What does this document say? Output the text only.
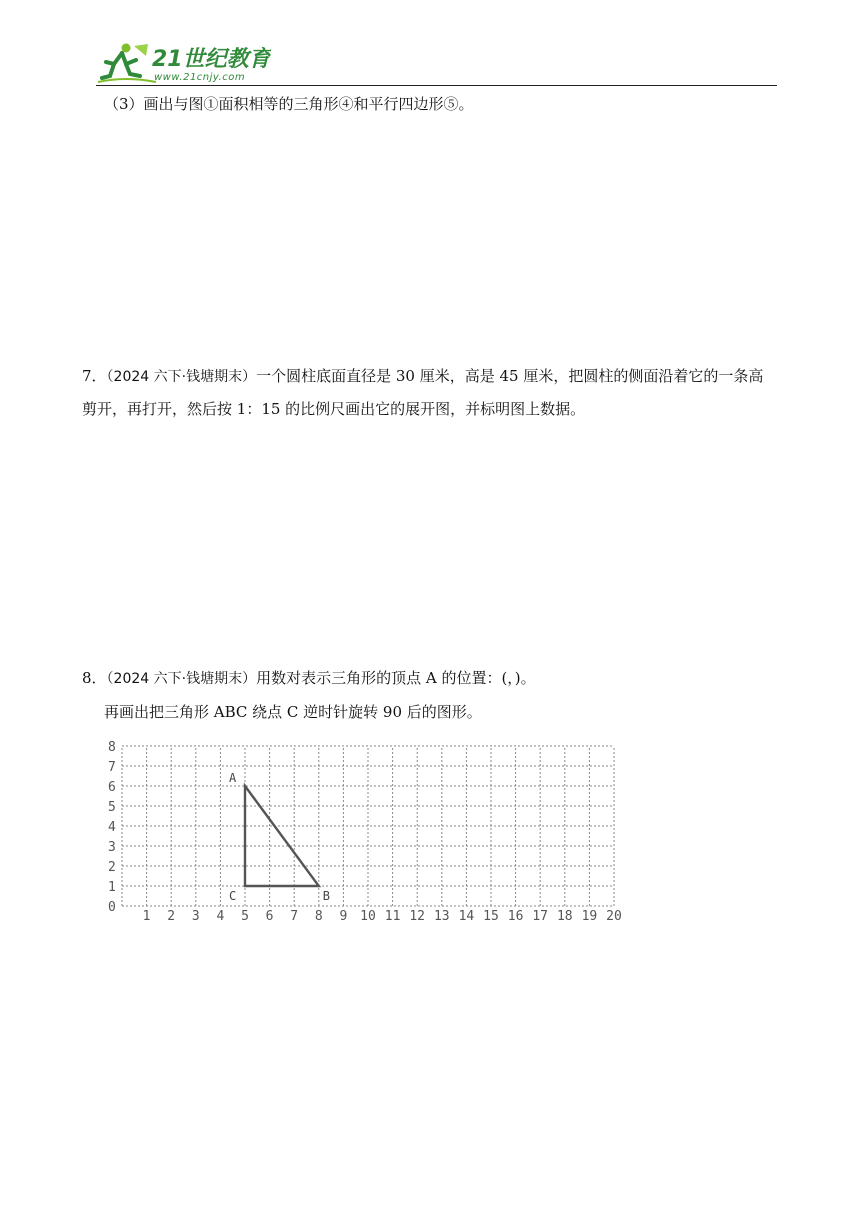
21世纪教育
www.21cnjy.com
（3）画出与图①面积相等的三角形④和平行四边形⑤。
7．（2024 六下·钱塘期末）一个圆柱底面直径是 30 厘米，高是 45 厘米，把圆柱的侧面沿着它的一条高
剪开，再打开，然后按 1：15 的比例尺画出它的展开图，并标明图上数据。
8．（2024 六下·钱塘期末）用数对表示三角形的顶点 A 的位置：(，)。
再画出把三角形 ABC 绕点 C 逆时针旋转 90 后的图形。
0
1
2
3
4
5
6
7
8
1 2 3 4 5 6 7 8 9 10 11 12 13 14 15 16 17 18 19 20
A
B
C
